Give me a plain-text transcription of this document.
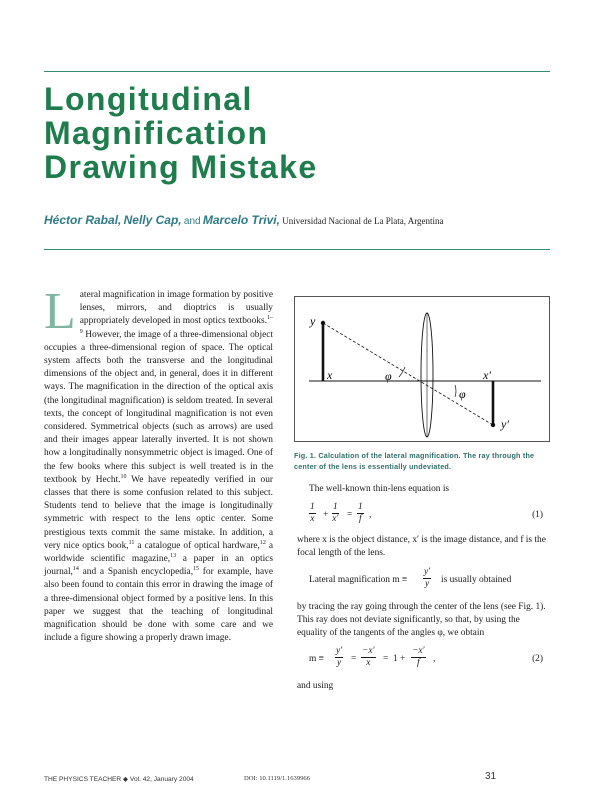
Longitudinal
Magnification
Drawing Mistake
Héctor Rabal, Nelly Cap, and Marcelo Trivi, Universidad Nacional de La Plata, Argentina
Lateral magnification in image formation by positive lenses, mirrors, and dioptrics is usually appropriately developed in most optics textbooks.$^{1-9}$ However, the image of a three-dimensional object occupies a three-dimensional region of space. The optical system affects both the transverse and the longitudinal dimensions of the object and, in general, does it in different ways. The magnification in the direction of the optical axis (the longitudinal magnification) is seldom treated. In several texts, the concept of longitudinal magnification is not even considered. Symmetrical objects (such as arrows) are used and their images appear laterally inverted. It is not shown how a longitudinally nonsymmetric object is imaged. One of the few books where this subject is well treated is in the textbook by Hecht.$^{10}$ We have repeatedly verified in our classes that there is some confusion related to this subject. Students tend to believe that the image is longitudinally symmetric with respect to the lens optic center. Some prestigious texts commit the same mistake. In addition, a very nice optics book,$^{11}$ a catalogue of optical hardware,$^{12}$ a worldwide scientific magazine,$^{13}$ a paper in an optics journal,$^{14}$ and a Spanish encyclopedia,$^{15}$ for example, have also been found to contain this error in drawing the image of a three-dimensional object formed by a positive lens. In this paper we suggest that the teaching of longitudinal magnification should be done with some care and we include a figure showing a properly drawn image.
y
x	φ	x′
φ
y′
Fig. 1. Calculation of the lateral magnification. The ray through the center of the lens is essentially undeviated.

The well-known thin-lens equation is

$\frac{1}{x} + \frac{1}{x'} = \frac{1}{f}$ ,	(1)

where x is the object distance, x′ is the image distance, and f is the focal length of the lens.

Lateral magnification $m \equiv \frac{y'}{y}$ is usually obtained

by tracing the ray going through the center of the lens (see Fig. 1). This ray does not deviate significantly, so that, by using the equality of the tangents of the angles φ, we obtain

$m \equiv \frac{y'}{y} = \frac{-x'}{x} = 1 + \frac{-x'}{f}$ ,	(2)

and using

THE PHYSICS TEACHER ◆ Vol. 42, January 2004	DOI: 10.1119/1.1639966	31
